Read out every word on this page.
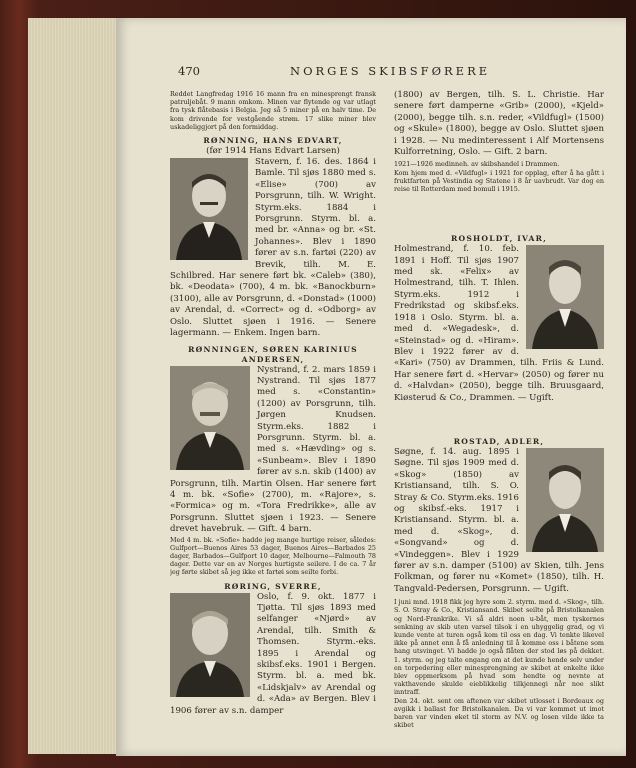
470	NORGES SKIBSFØRERE

Reddet Langfredag 1916 16 mann fra en minesprengt fransk patruljebåt. 9 mann omkom. Minen var flytende og var utlagt fra tysk flåtebasis i Belgia. Jeg så 5 miner på en halv time. De kom drivende for vestgående strøm. 17 slike miner blev uskadeliggjort på den formiddag.

RØNNING, HANS EDVART,

(før 1914 Hans Edvart Larsen)

Stavern, f. 16. des. 1864 i Bamle. Til sjøs 1880 med s. «Elise» (700) av Porsgrunn, tilh. W. Wright. Styrm.eks. 1884 i Porsgrunn. Styrm. bl. a. med br. «Anna» og br. «St. Johannes». Blev i 1890 fører av s.n. fartøi (220) av Brevik, tilh. M. E. Schilbred. Har senere ført bk. «Caleb» (380), bk. «Deodata» (700), 4 m. bk. «Banockburn» (3100), alle av Porsgrunn, d. «Donstad» (1000) av Arendal, d. «Correct» og d. «Odborg» av Oslo. Sluttet sjøen i 1916. — Senere lagermann. — Enkem. Ingen barn.

RØNNINGEN, SØREN KARINIUS ANDERSEN,

Nystrand, f. 2. mars 1859 i Nystrand. Til sjøs 1877 med s. «Constantin» (1200) av Porsgrunn, tilh. Jørgen Knudsen. Styrm.eks. 1882 i Porsgrunn. Styrm. bl. a. med s. «Hævding» og s. «Sunbeam». Blev i 1890 fører av s.n. skib (1400) av Porsgrunn, tilh. Martin Olsen. Har senere ført 4 m. bk. «Sofie» (2700), m. «Rajore», s. «Formica» og m. «Tora Fredrikke», alle av Porsgrunn. Sluttet sjøen i 1923. — Senere drevet havebruk. — Gift. 4 barn.

Med 4 m. bk. «Sofie» hadde jeg mange hurtige reiser, således: Gulfport—Buenos Aires 53 dager, Buenos Aires—Barbados 25 dager, Barbados—Gulfport 10 dager, Melbourne—Falmouth 78 dager. Dette var en av Norges hurtigste seilere. I de ca. 7 år jeg førte skibet så jeg ikke et fartøi som seilte forbi.

RØRING, SVERRE,

Oslo, f. 9. okt. 1877 i Tjøtta. Til sjøs 1893 med selfanger «Njørd» av Arendal, tilh. Smith & Thomsen. Styrm.-eks. 1895 i Arendal og skibsf.eks. 1901 i Bergen. Styrm. bl. a. med bk. «Lidskjalv» av Arendal og d. «Ada» av Bergen. Blev i 1906 fører av s.n. damper

(1800) av Bergen, tilh. S. L. Christie. Har senere ført damperne «Grib» (2000), «Kjeld» (2000), begge tilh. s.n. reder, «Vildfugl» (1500) og «Skule» (1800), begge av Oslo. Sluttet sjøen i 1928. — Nu medinteressent i Alf Mortensens Kulforretning, Oslo. — Gift. 2 barn.

1921—1926 medinneh. av skibshandel i Drammen.

Kom hjem med d. «Vildfugl» i 1921 for opplag, efter å ha gått i fruktfarten på Vestindia og Statene i 8 år uavbrudt. Var dog en reise til Rotterdam med bomull i 1915.

ROSHOLDT, IVAR,

Holmestrand, f. 10. feb. 1891 i Hoff. Til sjøs 1907 med sk. «Felix» av Holmestrand, tilh. T. Ihlen. Styrm.eks. 1912 i Fredrikstad og skibsf.eks. 1918 i Oslo. Styrm. bl. a. med d. «Wegadesk», d. «Steinstad» og d. «Hiram». Blev i 1922 fører av d. «Kari» (750) av Drammen, tilh. Friis & Lund. Har senere ført d. «Hervar» (2050) og fører nu d. «Halvdan» (2050), begge tilh. Bruusgaard, Kiøsterud & Co., Drammen. — Ugift.

ROSTAD, ADLER,

Søgne, f. 14. aug. 1895 i Søgne. Til sjøs 1909 med d. «Skog» (1850) av Kristiansand, tilh. S. O. Stray & Co. Styrm.eks. 1916 og skibsf.-eks. 1917 i Kristiansand. Styrm. bl. a. med d. «Skog», d. «Songvand» og d. «Vindeggen». Blev i 1929 fører av s.n. damper (5100) av Skien, tilh. Jens Folkman, og fører nu «Komet» (1850), tilh. H. Tangvald-Pedersen, Porsgrunn. — Ugift.

I juni mnd. 1918 fikk jeg hyre som 2. styrm. med d. «Skog», tilh. S. O. Stray & Co., Kristiansand. Skibet seilte på Bristolkanalen og Nord-Frankrike. Vi så aldri noen u-båt, men tyskernes senkning av skib uten varsel tilsok i en uhyggelig grad, og vi kunde vente at turen også kom til oss en dag. Vi tenkte likevel ikke på annet enn å få anledning til å komme oss i båtene som hang utsvinget. Vi hadde jo også flåten der stod løs på dekket. 1. styrm. og jeg talte engang om at det kunde hende selv under en torpedering eller minesprengning av skibet at enkelte ikke blev oppmerksom på hvad som hendte og nevnte at vakthavende skulde eieblikkelig tilkjennegi når noe slikt inntraff.

Den 24. okt. sent om aftenen var skibet utlosset i Bordeaux og avgikk i ballast for Bristolkanalen. Da vi var kommet ut imot baren var vinden øket til storm av N.V. og losen vilde ikke ta skibet
